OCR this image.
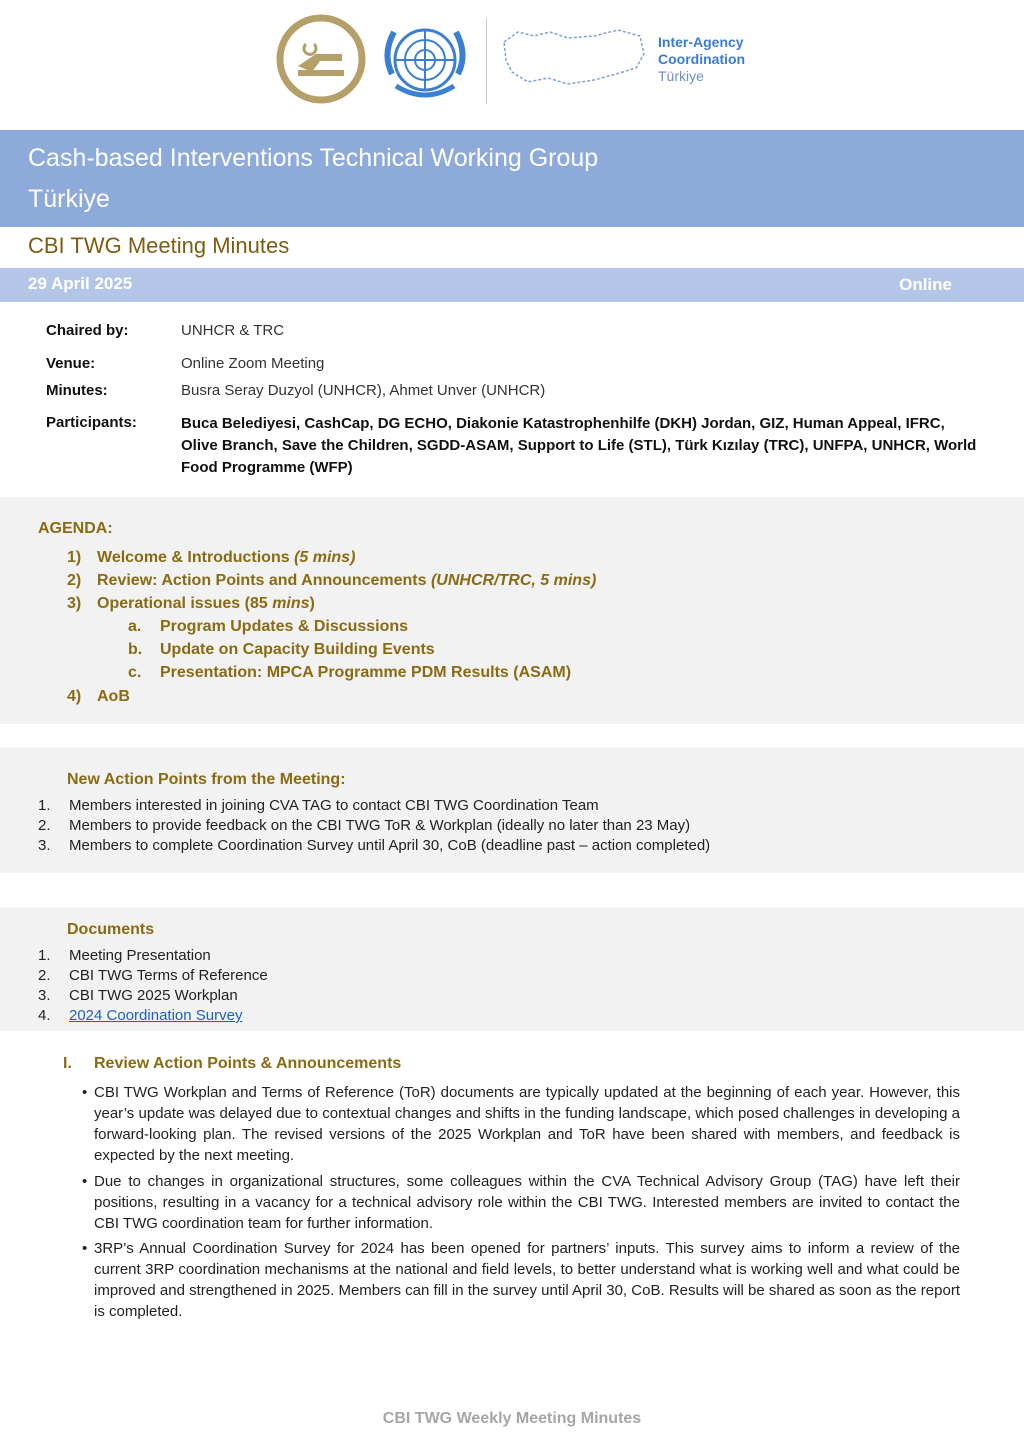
Inter-Agency
Coordination
Türkiye
Cash-based Interventions Technical Working Group
Türkiye
CBI TWG Meeting Minutes
29 April 2025	Online
Chaired by:	UNHCR & TRC
Venue:	Online Zoom Meeting
Minutes:	Busra Seray Duzyol (UNHCR), Ahmet Unver (UNHCR)
Participants:	Buca Belediyesi, CashCap, DG ECHO, Diakonie Katastrophenhilfe (DKH) Jordan, GIZ, Human Appeal, IFRC, Olive Branch, Save the Children, SGDD-ASAM, Support to Life (STL), Türk Kızılay (TRC), UNFPA, UNHCR, World Food Programme (WFP)
AGENDA:
1) Welcome & Introductions (5 mins)
2) Review: Action Points and Announcements (UNHCR/TRC, 5 mins)
3) Operational issues (85 mins)
a. Program Updates & Discussions
b. Update on Capacity Building Events
c. Presentation: MPCA Programme PDM Results (ASAM)
4) AoB
New Action Points from the Meeting:
1. Members interested in joining CVA TAG to contact CBI TWG Coordination Team
2. Members to provide feedback on the CBI TWG ToR & Workplan (ideally no later than 23 May)
3. Members to complete Coordination Survey until April 30, CoB (deadline past – action completed)
Documents
1. Meeting Presentation
2. CBI TWG Terms of Reference
3. CBI TWG 2025 Workplan
4. 2024 Coordination Survey
I. Review Action Points & Announcements
• CBI TWG Workplan and Terms of Reference (ToR) documents are typically updated at the beginning of each year. However, this year’s update was delayed due to contextual changes and shifts in the funding landscape, which posed challenges in developing a forward-looking plan. The revised versions of the 2025 Workplan and ToR have been shared with members, and feedback is expected by the next meeting.
• Due to changes in organizational structures, some colleagues within the CVA Technical Advisory Group (TAG) have left their positions, resulting in a vacancy for a technical advisory role within the CBI TWG. Interested members are invited to contact the CBI TWG coordination team for further information.
• 3RP’s Annual Coordination Survey for 2024 has been opened for partners’ inputs. This survey aims to inform a review of the current 3RP coordination mechanisms at the national and field levels, to better understand what is working well and what could be improved and strengthened in 2025. Members can fill in the survey until April 30, CoB. Results will be shared as soon as the report is completed.
CBI TWG Weekly Meeting Minutes
